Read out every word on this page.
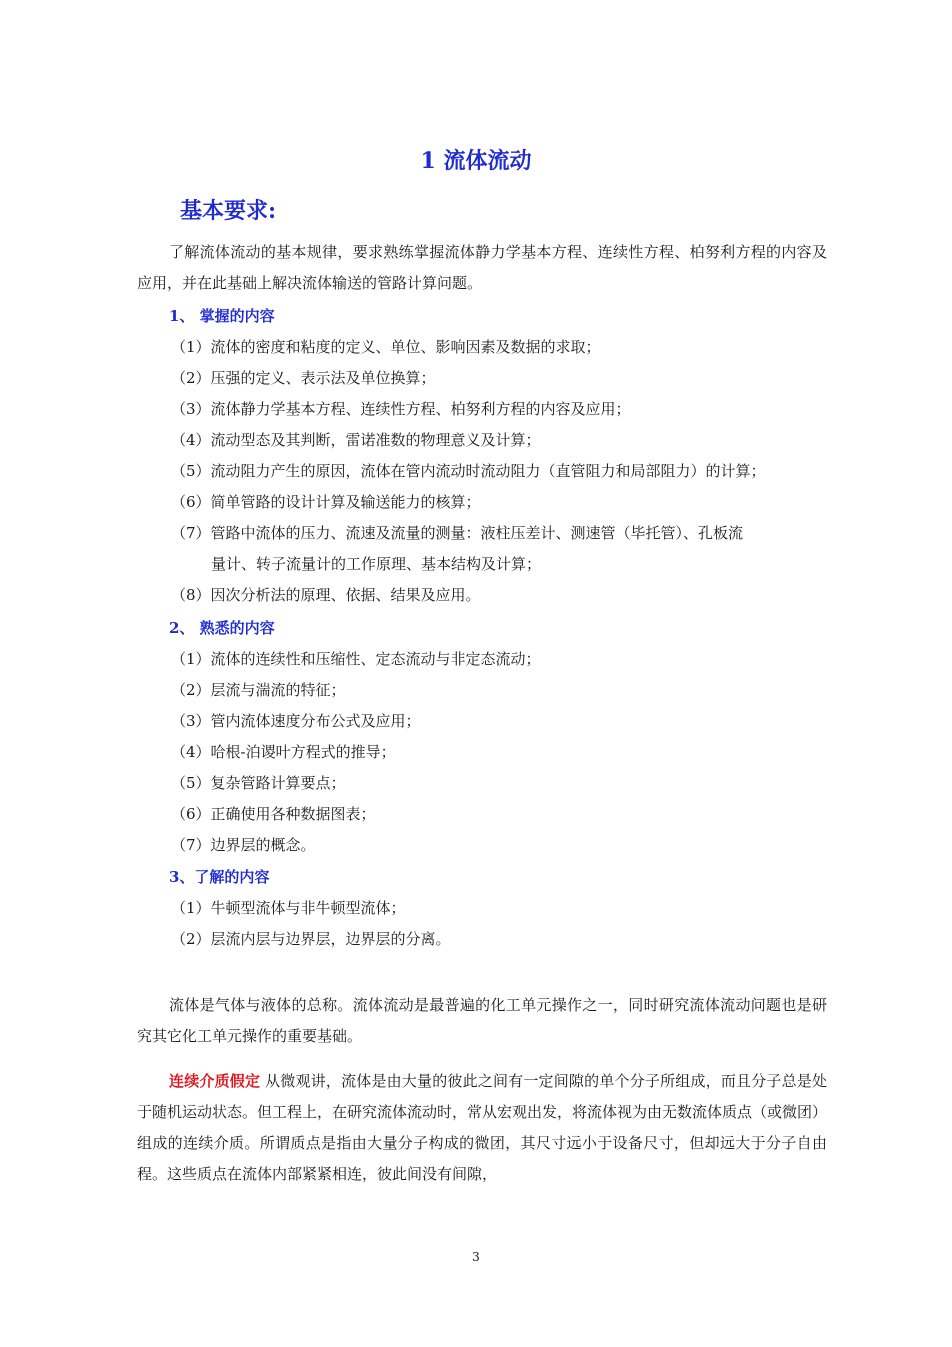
1 流体流动
基本要求:

了解流体流动的基本规律，要求熟练掌握流体静力学基本方程、连续性方程、柏努利方程的内容及应用，并在此基础上解决流体输送的管路计算问题。

1、 掌握的内容

（1）流体的密度和粘度的定义、单位、影响因素及数据的求取；

（2）压强的定义、表示法及单位换算；

（3）流体静力学基本方程、连续性方程、柏努利方程的内容及应用；

（4）流动型态及其判断，雷诺准数的物理意义及计算；

（5）流动阻力产生的原因，流体在管内流动时流动阻力（直管阻力和局部阻力）的计算；

（6）简单管路的设计计算及输送能力的核算；

（7）管路中流体的压力、流速及流量的测量：液柱压差计、测速管（毕托管）、孔板流

量计、转子流量计的工作原理、基本结构及计算；

（8）因次分析法的原理、依据、结果及应用。

2、 熟悉的内容

（1）流体的连续性和压缩性、定态流动与非定态流动；

（2）层流与湍流的特征；

（3）管内流体速度分布公式及应用；

（4）哈根-泊谡叶方程式的推导；

（5）复杂管路计算要点；

（6）正确使用各种数据图表；

（7）边界层的概念。

3、了解的内容

（1）牛顿型流体与非牛顿型流体；

（2）层流内层与边界层，边界层的分离。

流体是气体与液体的总称。流体流动是最普遍的化工单元操作之一，同时研究流体流动问题也是研究其它化工单元操作的重要基础。

连续介质假定 从微观讲，流体是由大量的彼此之间有一定间隙的单个分子所组成，而且分子总是处于随机运动状态。但工程上，在研究流体流动时，常从宏观出发，将流体视为由无数流体质点（或微团）组成的连续介质。所谓质点是指由大量分子构成的微团，其尺寸远小于设备尺寸，但却远大于分子自由程。这些质点在流体内部紧紧相连，彼此间没有间隙，

3
